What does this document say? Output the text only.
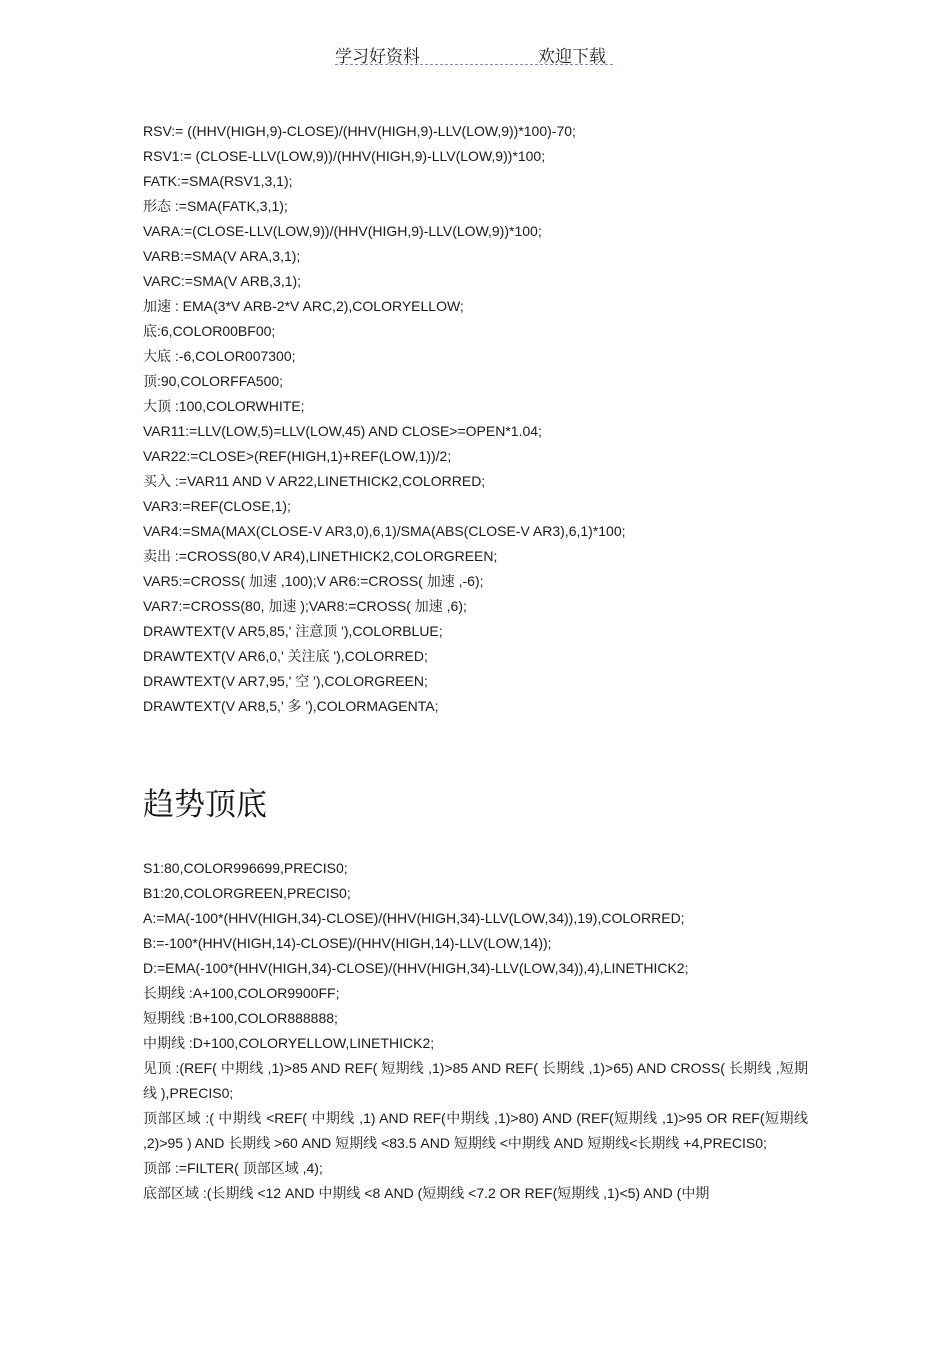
学习好资料	欢迎下载
RSV:= ((HHV(HIGH,9)-CLOSE)/(HHV(HIGH,9)-LLV(LOW,9))*100)-70;
RSV1:= (CLOSE-LLV(LOW,9))/(HHV(HIGH,9)-LLV(LOW,9))*100;
FATK:=SMA(RSV1,3,1);
形态 :=SMA(FATK,3,1);
VARA:=(CLOSE-LLV(LOW,9))/(HHV(HIGH,9)-LLV(LOW,9))*100;
VARB:=SMA(V ARA,3,1);
VARC:=SMA(V ARB,3,1);
加速 : EMA(3*V ARB-2*V ARC,2),COLORYELLOW;
底:6,COLOR00BF00;
大底 :-6,COLOR007300;
顶:90,COLORFFA500;
大顶 :100,COLORWHITE;
VAR11:=LLV(LOW,5)=LLV(LOW,45) AND CLOSE>=OPEN*1.04;
VAR22:=CLOSE>(REF(HIGH,1)+REF(LOW,1))/2;
买入 :=VAR11 AND V AR22,LINETHICK2,COLORRED;
VAR3:=REF(CLOSE,1);
VAR4:=SMA(MAX(CLOSE-V AR3,0),6,1)/SMA(ABS(CLOSE-V AR3),6,1)*100;
卖出 :=CROSS(80,V AR4),LINETHICK2,COLORGREEN;
VAR5:=CROSS( 加速 ,100);V AR6:=CROSS( 加速 ,-6);
VAR7:=CROSS(80, 加速 );VAR8:=CROSS( 加速 ,6);
DRAWTEXT(V AR5,85,' 注意顶 '),COLORBLUE;
DRAWTEXT(V AR6,0,' 关注底 '),COLORRED;
DRAWTEXT(V AR7,95,' 空 '),COLORGREEN;
DRAWTEXT(V AR8,5,' 多 '),COLORMAGENTA;
趋势顶底
S1:80,COLOR996699,PRECIS0;
B1:20,COLORGREEN,PRECIS0;
A:=MA(-100*(HHV(HIGH,34)-CLOSE)/(HHV(HIGH,34)-LLV(LOW,34)),19),COLORRED;
B:=-100*(HHV(HIGH,14)-CLOSE)/(HHV(HIGH,14)-LLV(LOW,14));
D:=EMA(-100*(HHV(HIGH,34)-CLOSE)/(HHV(HIGH,34)-LLV(LOW,34)),4),LINETHICK2;
长期线 :A+100,COLOR9900FF;
短期线 :B+100,COLOR888888;
中期线 :D+100,COLORYELLOW,LINETHICK2;
见顶 :(REF( 中期线 ,1)>85 AND REF( 短期线 ,1)>85 AND REF( 长期线 ,1)>65) AND CROSS( 长期线 ,短期线 ),PRECIS0;
顶部区域 :( 中期线 <REF( 中期线 ,1) AND REF(中期线 ,1)>80) AND (REF(短期线 ,1)>95 OR REF(短期线 ,2)>95 ) AND 长期线 >60 AND 短期线 <83.5 AND 短期线 <中期线 AND 短期线<长期线 +4,PRECIS0;
顶部 :=FILTER( 顶部区域 ,4);
底部区域 :(长期线 <12 AND 中期线 <8 AND (短期线 <7.2 OR REF(短期线 ,1)<5) AND (中期
